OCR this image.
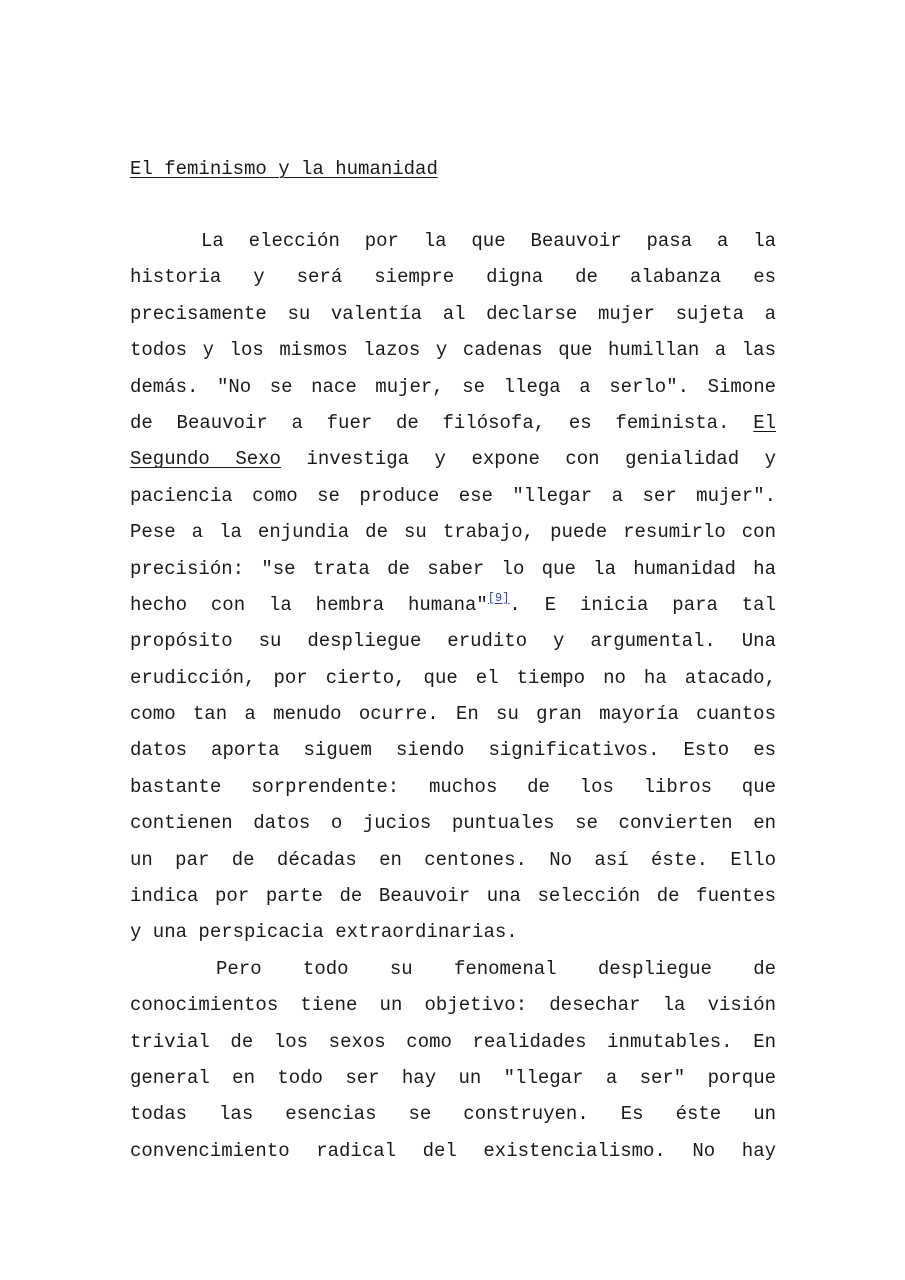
El feminismo y la humanidad
La elección por la que Beauvoir pasa a la
historia y será siempre digna de alabanza es
precisamente su valentía al declarse mujer sujeta a
todos y los mismos lazos y cadenas que humillan a las
demás. "No se nace mujer, se llega a serlo". Simone
de Beauvoir a fuer de filósofa, es feminista. El
Segundo Sexo investiga y expone con genialidad y
paciencia como se produce ese "llegar a ser mujer".
Pese a la enjundia de su trabajo, puede resumirlo con
precisión: "se trata de saber lo que la humanidad ha
hecho con la hembra humana"[9]. E inicia para tal
propósito su despliegue erudito y argumental. Una
erudicción, por cierto, que el tiempo no ha atacado,
como tan a menudo ocurre. En su gran mayoría cuantos
datos aporta siguem siendo significativos. Esto es
bastante sorprendente: muchos de los libros que
contienen datos o jucios puntuales se convierten en
un par de décadas en centones. No así éste. Ello
indica por parte de Beauvoir una selección de fuentes
y una perspicacia extraordinarias.
Pero todo su fenomenal despliegue de
conocimientos tiene un objetivo: desechar la visión
trivial de los sexos como realidades inmutables. En
general en todo ser hay un "llegar a ser" porque
todas las esencias se construyen. Es éste un
convencimiento radical del existencialismo. No hay
